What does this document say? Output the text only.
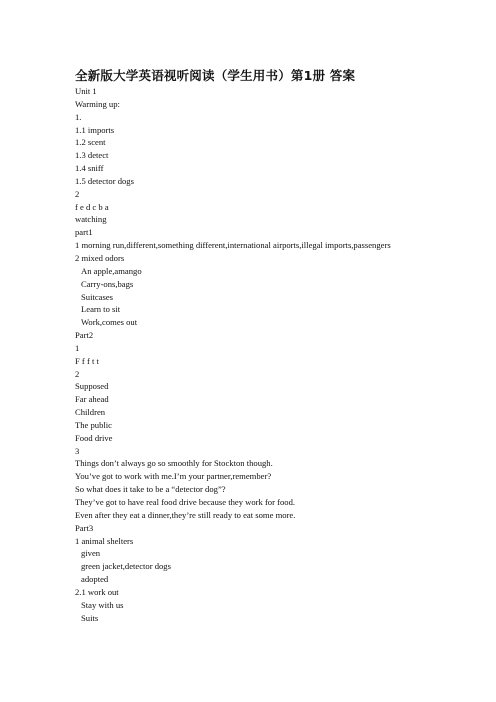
全新版大学英语视听阅读（学生用书）第1册 答案
Unit 1
Warming up:
1.
1.1 imports
1.2 scent
1.3 detect
1.4 sniff
1.5 detector dogs
2
f e d c b a
watching
part1
1 morning run,different,something different,international airports,illegal imports,passengers
2 mixed odors
An apple,amango
Carry-ons,bags
Suitcases
Learn to sit
Work,comes out
Part2
1
F f f t t
2
Supposed
Far ahead
Children
The public
Food drive
3
Things don’t always go so smoothly for Stockton though.
You’ve got to work with me.I’m your partner,remember?
So what does it take to be a “detector dog”?
They’ve got to have real food drive because they work for food.
Even after they eat a dinner,they’re still ready to eat some more.
Part3
1 animal shelters
given
green jacket,detector dogs
adopted
2.1 work out
Stay with us
Suits
